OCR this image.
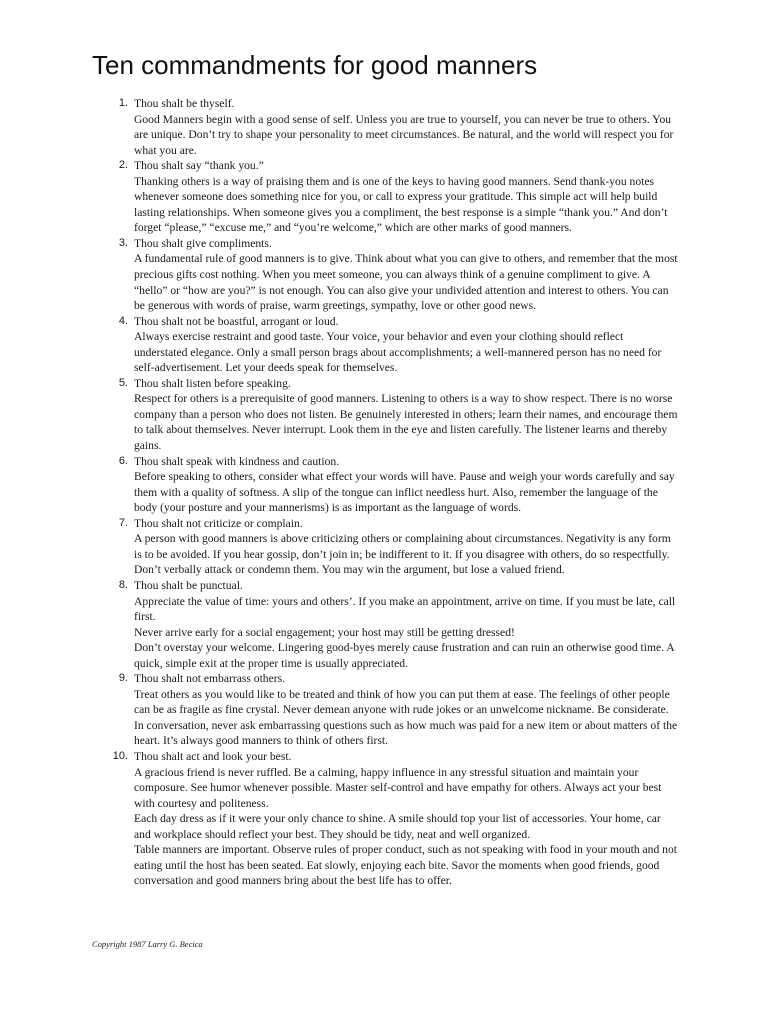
Ten commandments for good manners
1. Thou shalt be thyself.
Good Manners begin with a good sense of self. Unless you are true to yourself, you can never be true to others. You are unique. Don’t try to shape your personality to meet circumstances. Be natural, and the world will respect you for what you are.
2. Thou shalt say “thank you.”
Thanking others is a way of praising them and is one of the keys to having good manners. Send thank-you notes whenever someone does something nice for you, or call to express your gratitude. This simple act will help build lasting relationships. When someone gives you a compliment, the best response is a simple “thank you.” And don’t forget “please,” “excuse me,” and “you’re welcome,” which are other marks of good manners.
3. Thou shalt give compliments.
A fundamental rule of good manners is to give. Think about what you can give to others, and remember that the most precious gifts cost nothing. When you meet someone, you can always think of a genuine compliment to give. A “hello” or “how are you?” is not enough. You can also give your undivided attention and interest to others. You can be generous with words of praise, warm greetings, sympathy, love or other good news.
4. Thou shalt not be boastful, arrogant or loud.
Always exercise restraint and good taste. Your voice, your behavior and even your clothing should reflect understated elegance. Only a small person brags about accomplishments; a well-mannered person has no need for self-advertisement. Let your deeds speak for themselves.
5. Thou shalt listen before speaking.
Respect for others is a prerequisite of good manners. Listening to others is a way to show respect. There is no worse company than a person who does not listen. Be genuinely interested in others; learn their names, and encourage them to talk about themselves. Never interrupt. Look them in the eye and listen carefully. The listener learns and thereby gains.
6. Thou shalt speak with kindness and caution.
Before speaking to others, consider what effect your words will have. Pause and weigh your words carefully and say them with a quality of softness. A slip of the tongue can inflict needless hurt. Also, remember the language of the body (your posture and your mannerisms) is as important as the language of words.
7. Thou shalt not criticize or complain.
A person with good manners is above criticizing others or complaining about circumstances. Negativity is any form is to be avoided. If you hear gossip, don’t join in; be indifferent to it. If you disagree with others, do so respectfully. Don’t verbally attack or condemn them. You may win the argument, but lose a valued friend.
8. Thou shalt be punctual.
Appreciate the value of time: yours and others’. If you make an appointment, arrive on time. If you must be late, call first.
Never arrive early for a social engagement; your host may still be getting dressed!
Don’t overstay your welcome. Lingering good-byes merely cause frustration and can ruin an otherwise good time. A quick, simple exit at the proper time is usually appreciated.
9. Thou shalt not embarrass others.
Treat others as you would like to be treated and think of how you can put them at ease. The feelings of other people can be as fragile as fine crystal. Never demean anyone with rude jokes or an unwelcome nickname. Be considerate. In conversation, never ask embarrassing questions such as how much was paid for a new item or about matters of the heart. It’s always good manners to think of others first.
10. Thou shalt act and look your best.
A gracious friend is never ruffled. Be a calming, happy influence in any stressful situation and maintain your composure. See humor whenever possible. Master self-control and have empathy for others. Always act your best with courtesy and politeness.
Each day dress as if it were your only chance to shine. A smile should top your list of accessories. Your home, car and workplace should reflect your best. They should be tidy, neat and well organized.
Table manners are important. Observe rules of proper conduct, such as not speaking with food in your mouth and not eating until the host has been seated. Eat slowly, enjoying each bite. Savor the moments when good friends, good conversation and good manners bring about the best life has to offer.
Copyright 1987 Larry G. Becica
